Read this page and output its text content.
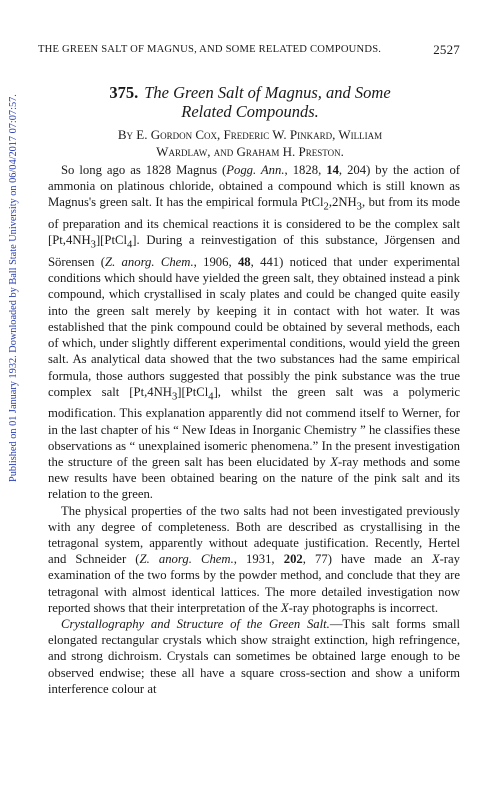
Published on 01 January 1932. Downloaded by Ball State University on 06/04/2017 07:07:57.
THE GREEN SALT OF MAGNUS, AND SOME RELATED COMPOUNDS.	2527
375. The Green Salt of Magnus, and Some
Related Compounds.
By E. Gordon Cox, Frederic W. Pinkard, William
Wardlaw, and Graham H. Preston.

So long ago as 1828 Magnus (Pogg. Ann., 1828, 14, 204) by the action of ammonia on platinous chloride, obtained a compound which is still known as Magnus's green salt. It has the empirical formula $PtCl_2,2NH_3$, but from its mode of preparation and its chemical reactions it is considered to be the complex salt $[Pt,4NH_3][PtCl_4]$. During a reinvestigation of this substance, Jörgensen and Sörensen (Z. anorg. Chem., 1906, 48, 441) noticed that under experimental conditions which should have yielded the green salt, they obtained instead a pink compound, which crystallised in scaly plates and could be changed quite easily into the green salt merely by keeping it in contact with hot water. It was established that the pink compound could be obtained by several methods, each of which, under slightly different experimental conditions, would yield the green salt. As analytical data showed that the two substances had the same empirical formula, those authors suggested that possibly the pink substance was the true complex salt $[Pt,4NH_3][PtCl_4]$, whilst the green salt was a polymeric modification. This explanation apparently did not commend itself to Werner, for in the last chapter of his “ New Ideas in Inorganic Chemistry ” he classifies these observations as “ unexplained isomeric phenomena.” In the present investigation the structure of the green salt has been elucidated by X-ray methods and some new results have been obtained bearing on the nature of the pink salt and its relation to the green.

The physical properties of the two salts had not been investigated previously with any degree of completeness. Both are described as crystallising in the tetragonal system, apparently without adequate justification. Recently, Hertel and Schneider (Z. anorg. Chem., 1931, 202, 77) have made an X-ray examination of the two forms by the powder method, and conclude that they are tetragonal with almost identical lattices. The more detailed investigation now reported shows that their interpretation of the X-ray photographs is incorrect.

Crystallography and Structure of the Green Salt.—This salt forms small elongated rectangular crystals which show straight extinction, high refringence, and strong dichroism. Crystals can sometimes be obtained large enough to be observed endwise; these all have a square cross-section and show a uniform interference colour at
